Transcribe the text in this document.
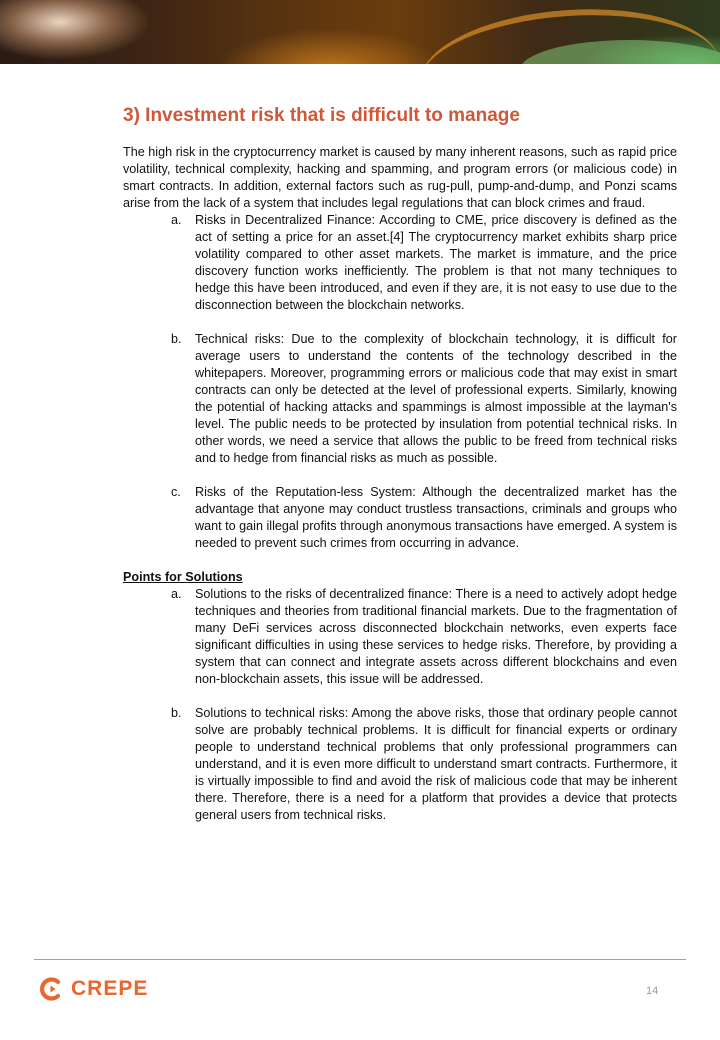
3) Investment risk that is difficult to manage

The high risk in the cryptocurrency market is caused by many inherent reasons, such as rapid price volatility, technical complexity, hacking and spamming, and program errors (or malicious code) in smart contracts. In addition, external factors such as rug-pull, pump-and-dump, and Ponzi scams arise from the lack of a system that includes legal regulations that can block crimes and fraud.

a. Risks in Decentralized Finance: According to CME, price discovery is defined as the act of setting a price for an asset.[4] The cryptocurrency market exhibits sharp price volatility compared to other asset markets. The market is immature, and the price discovery function works inefficiently. The problem is that not many techniques to hedge this have been introduced, and even if they are, it is not easy to use due to the disconnection between the blockchain networks.
b. Technical risks: Due to the complexity of blockchain technology, it is difficult for average users to understand the contents of the technology described in the whitepapers. Moreover, programming errors or malicious code that may exist in smart contracts can only be detected at the level of professional experts. Similarly, knowing the potential of hacking attacks and spammings is almost impossible at the layman's level. The public needs to be protected by insulation from potential technical risks. In other words, we need a service that allows the public to be freed from technical risks and to hedge from financial risks as much as possible.
c. Risks of the Reputation-less System: Although the decentralized market has the advantage that anyone may conduct trustless transactions, criminals and groups who want to gain illegal profits through anonymous transactions have emerged. A system is needed to prevent such crimes from occurring in advance.
Points for Solutions
a. Solutions to the risks of decentralized finance: There is a need to actively adopt hedge techniques and theories from traditional financial markets. Due to the fragmentation of many DeFi services across disconnected blockchain networks, even experts face significant difficulties in using these services to hedge risks. Therefore, by providing a system that can connect and integrate assets across different blockchains and even non-blockchain assets, this issue will be addressed.
b. Solutions to technical risks: Among the above risks, those that ordinary people cannot solve are probably technical problems. It is difficult for financial experts or ordinary people to understand technical problems that only professional programmers can understand, and it is even more difficult to understand smart contracts. Furthermore, it is virtually impossible to find and avoid the risk of malicious code that may be inherent there. Therefore, there is a need for a platform that provides a device that protects general users from technical risks.
CREPE	14
